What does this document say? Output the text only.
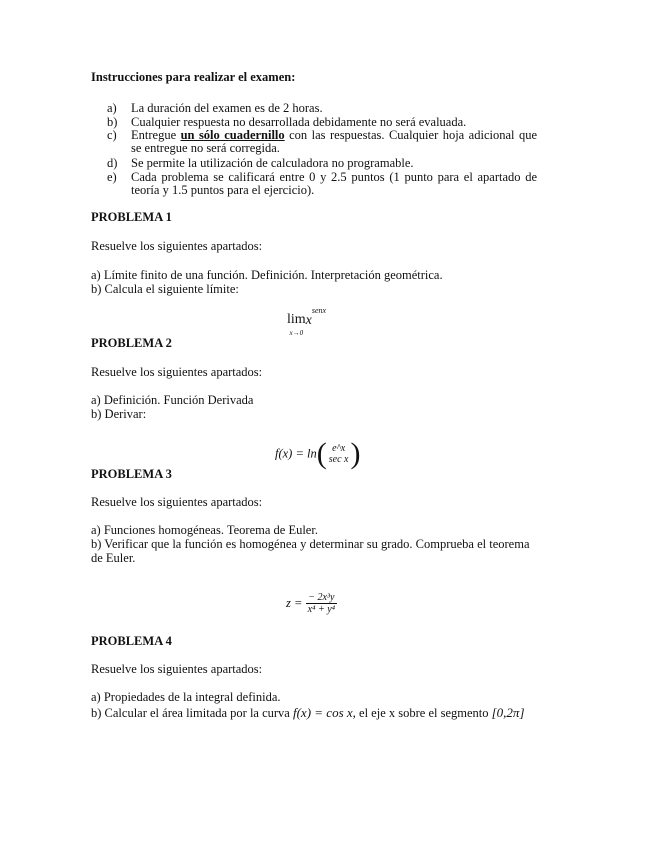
Instrucciones para realizar el examen:
a) La duración del examen es de 2 horas.
b) Cualquier respuesta no desarrollada debidamente no será evaluada.
c) Entregue un sólo cuadernillo con las respuestas. Cualquier hoja adicional que se entregue no será corregida.
d) Se permite la utilización de calculadora no programable.
e) Cada problema se calificará entre 0 y 2.5 puntos (1 punto para el apartado de teoría y 1.5 puntos para el ejercicio).
PROBLEMA 1
Resuelve los siguientes apartados:
a) Límite finito de una función. Definición. Interpretación geométrica.
b) Calcula el siguiente límite:
lim
$^{x\to 0}x^{senx}$
PROBLEMA 2
Resuelve los siguientes apartados:
a) Definición. Función Derivada
b) Derivar:
f(x) = ln( e^x
sec x )
PROBLEMA 3
Resuelve los siguientes apartados:
a) Funciones homogéneas. Teorema de Euler.
b) Verificar que la función es homogénea y determinar su grado. Comprueba el teorema de Euler.
$z = \frac{\text{− 2x³y}}{\text{x⁴ + y⁴}}$
PROBLEMA 4
Resuelve los siguientes apartados:
a) Propiedades de la integral definida.
b) Calcular el área limitada por la curva f(x) = cos x, el eje x sobre el segmento [0,2π]
